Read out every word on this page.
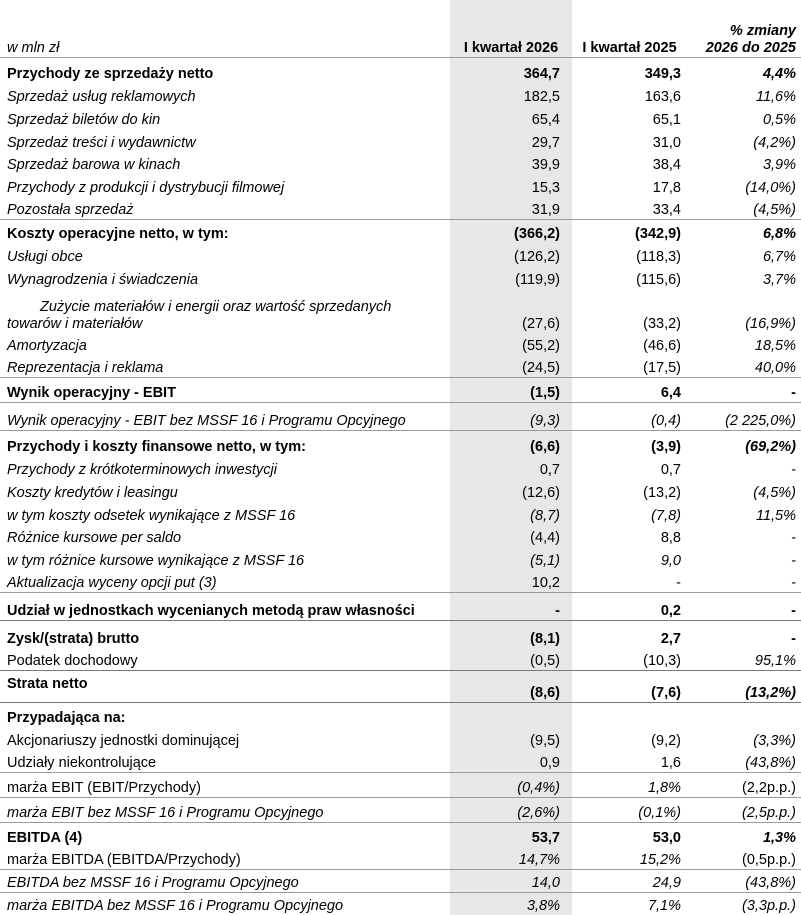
w mln zł	I kwartał 2026	I kwartał 2025	% zmiany
2026 do 2025
Przychody ze sprzedaży netto	364,7	349,3	4,4%
Sprzedaż usług reklamowych	182,5	163,6	11,6%
Sprzedaż biletów do kin	65,4	65,1	0,5%
Sprzedaż treści i wydawnictw	29,7	31,0	(4,2%)
Sprzedaż barowa w kinach	39,9	38,4	3,9%
Przychody z produkcji i dystrybucji filmowej	15,3	17,8	(14,0%)
Pozostała sprzedaż	31,9	33,4	(4,5%)
Koszty operacyjne netto, w tym:	(366,2)	(342,9)	6,8%
Usługi obce	(126,2)	(118,3)	6,7%
Wynagrodzenia i świadczenia	(119,9)	(115,6)	3,7%
Zużycie materiałów i energii oraz wartość sprzedanych
towarów i materiałów	(27,6)	(33,2)	(16,9%)
Amortyzacja	(55,2)	(46,6)	18,5%
Reprezentacja i reklama	(24,5)	(17,5)	40,0%
Wynik operacyjny - EBIT	(1,5)	6,4	-
Wynik operacyjny - EBIT bez MSSF 16 i Programu Opcyjnego	(9,3)	(0,4)	(2 225,0%)
Przychody i koszty finansowe netto, w tym:	(6,6)	(3,9)	(69,2%)
Przychody z krótkoterminowych inwestycji	0,7	0,7	-
Koszty kredytów i leasingu	(12,6)	(13,2)	(4,5%)
w tym koszty odsetek wynikające z MSSF 16	(8,7)	(7,8)	11,5%
Różnice kursowe per saldo	(4,4)	8,8	-
w tym różnice kursowe wynikające z MSSF 16	(5,1)	9,0	-
Aktualizacja wyceny opcji put (3)	10,2	-	-
Udział w jednostkach wycenianych metodą praw własności	-	0,2	-
Zysk/(strata) brutto	(8,1)	2,7	-
Podatek dochodowy	(0,5)	(10,3)	95,1%
Strata netto	(8,6)	(7,6)	(13,2%)
Przypadająca na:			
Akcjonariuszy jednostki dominującej	(9,5)	(9,2)	(3,3%)
Udziały niekontrolujące	0,9	1,6	(43,8%)
marża EBIT (EBIT/Przychody)	(0,4%)	1,8%	(2,2p.p.)
marża EBIT bez MSSF 16 i Programu Opcyjnego	(2,6%)	(0,1%)	(2,5p.p.)
EBITDA (4)	53,7	53,0	1,3%
marża EBITDA (EBITDA/Przychody)	14,7%	15,2%	(0,5p.p.)
EBITDA bez MSSF 16 i Programu Opcyjnego	14,0	24,9	(43,8%)
marża EBITDA bez MSSF 16 i Programu Opcyjnego	3,8%	7,1%	(3,3p.p.)
